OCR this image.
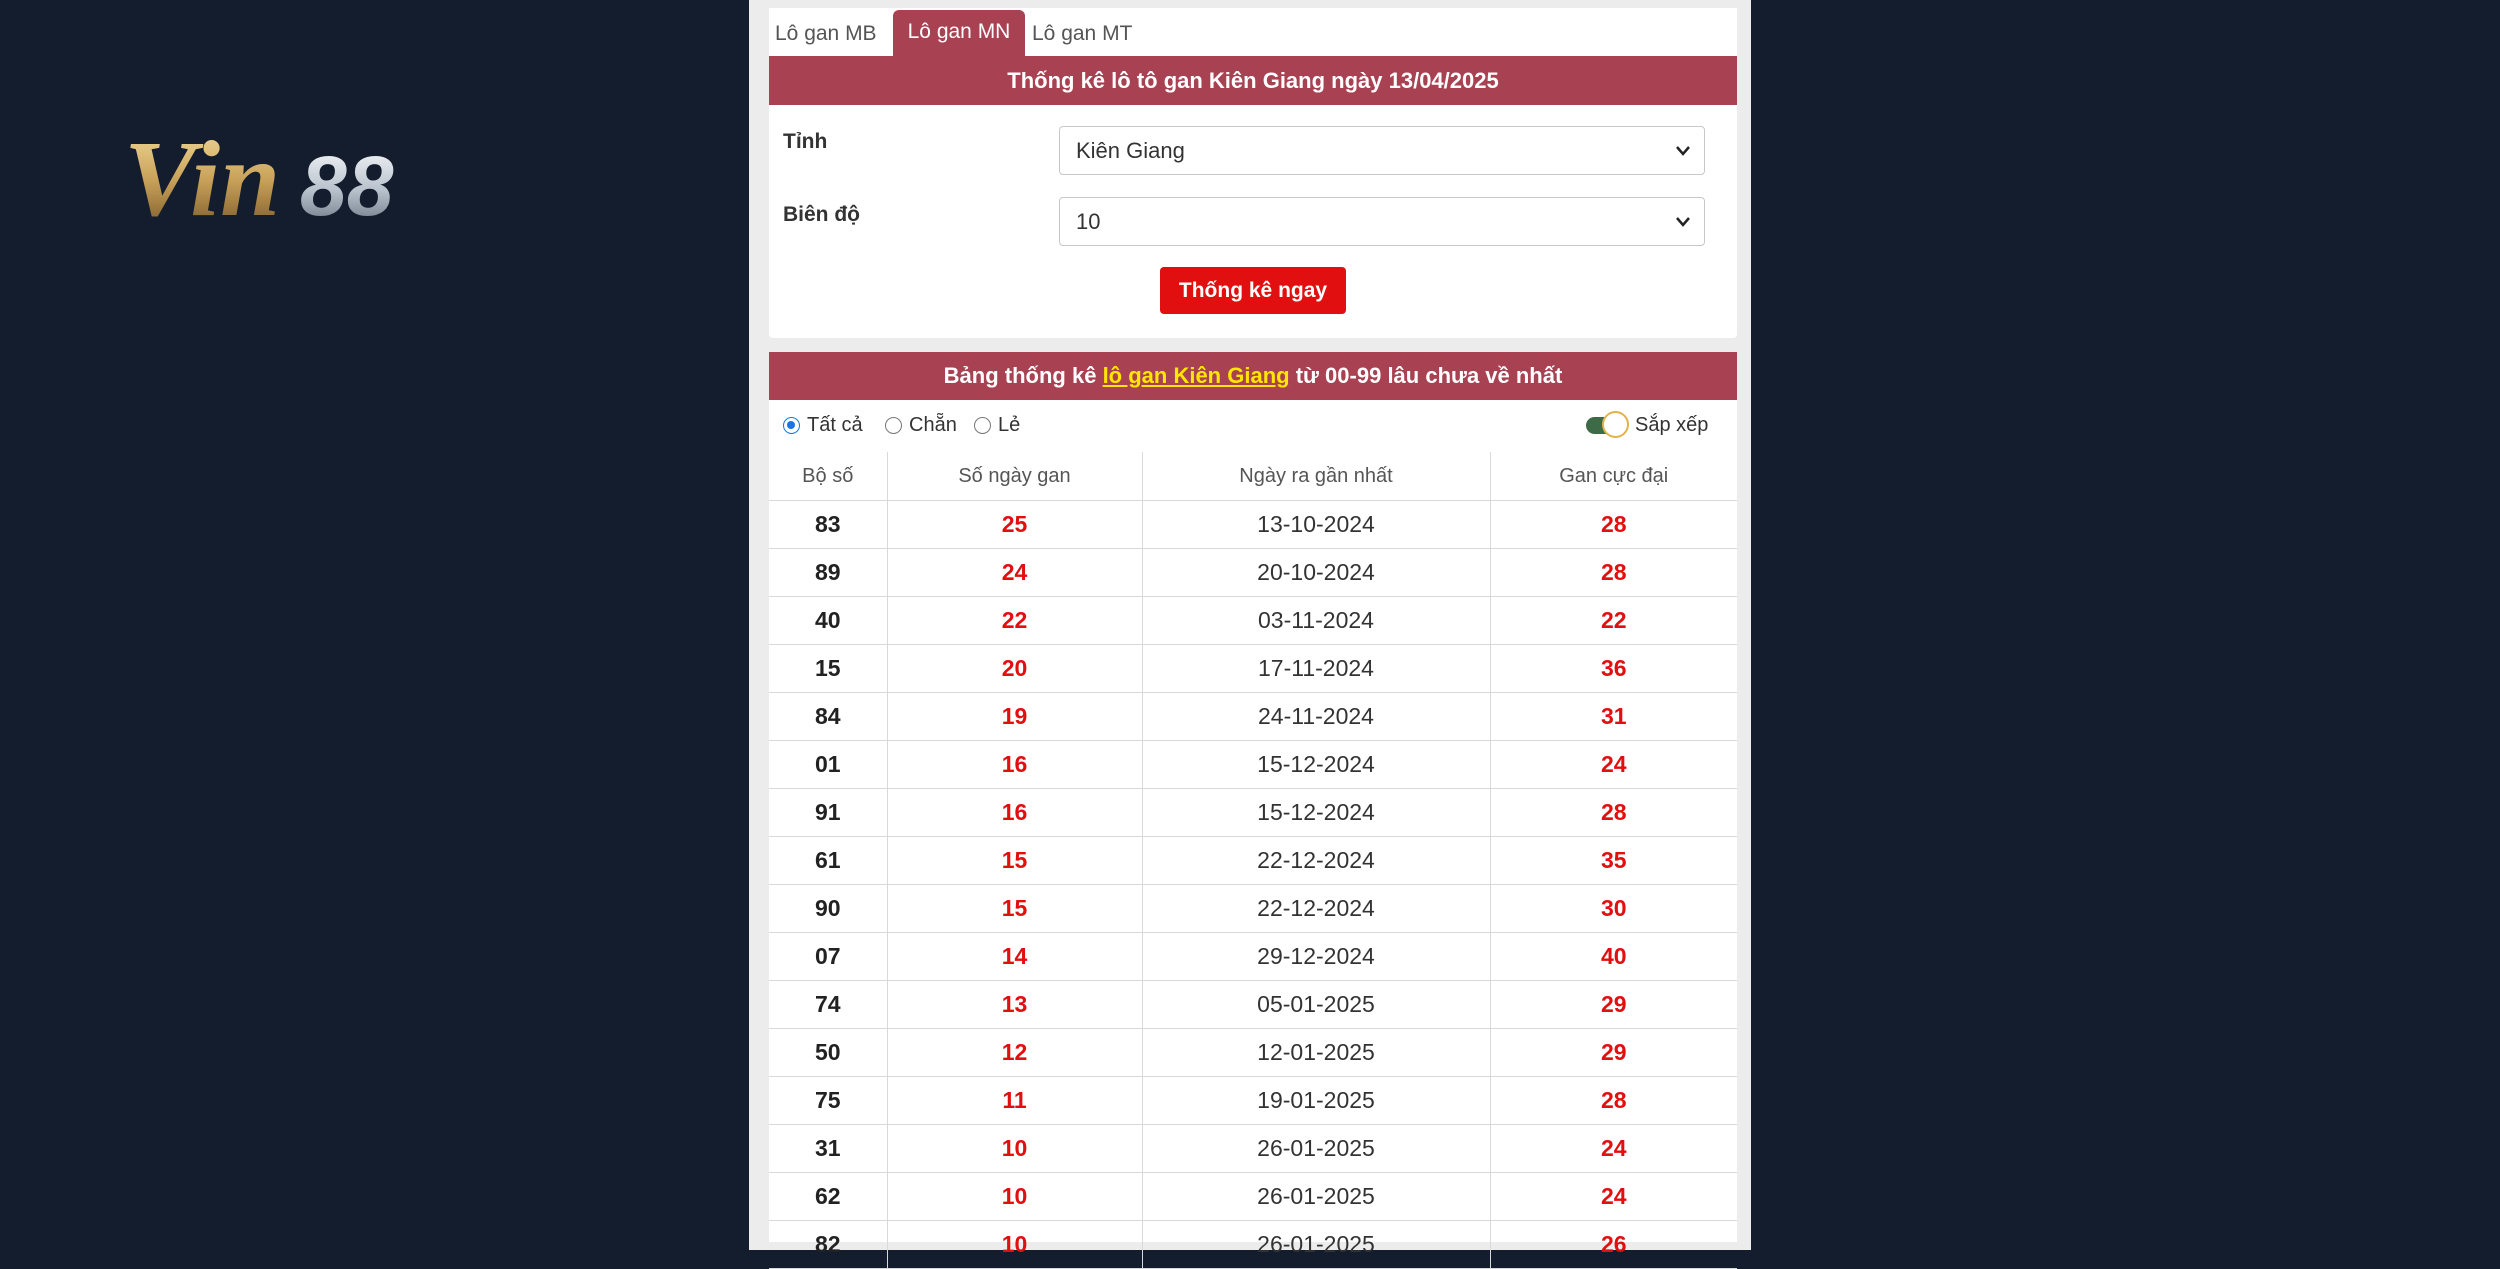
Vin 88
Lô gan MB	Lô gan MN	Lô gan MT
Thống kê lô tô gan Kiên Giang ngày 13/04/2025
Tỉnh	Kiên Giang
Biên độ	10
Thống kê ngay
Bảng thống kê lô gan Kiên Giang từ 00-99 lâu chưa về nhất
Tất cả Chẵn Lẻ	Sắp xếp
Bộ số	Số ngày gan	Ngày ra gần nhất	Gan cực đại
83	25	13-10-2024	28
89	24	20-10-2024	28
40	22	03-11-2024	22
15	20	17-11-2024	36
84	19	24-11-2024	31
01	16	15-12-2024	24
91	16	15-12-2024	28
61	15	22-12-2024	35
90	15	22-12-2024	30
07	14	29-12-2024	40
74	13	05-01-2025	29
50	12	12-01-2025	29
75	11	19-01-2025	28
31	10	26-01-2025	24
62	10	26-01-2025	24
82	10	26-01-2025	26
